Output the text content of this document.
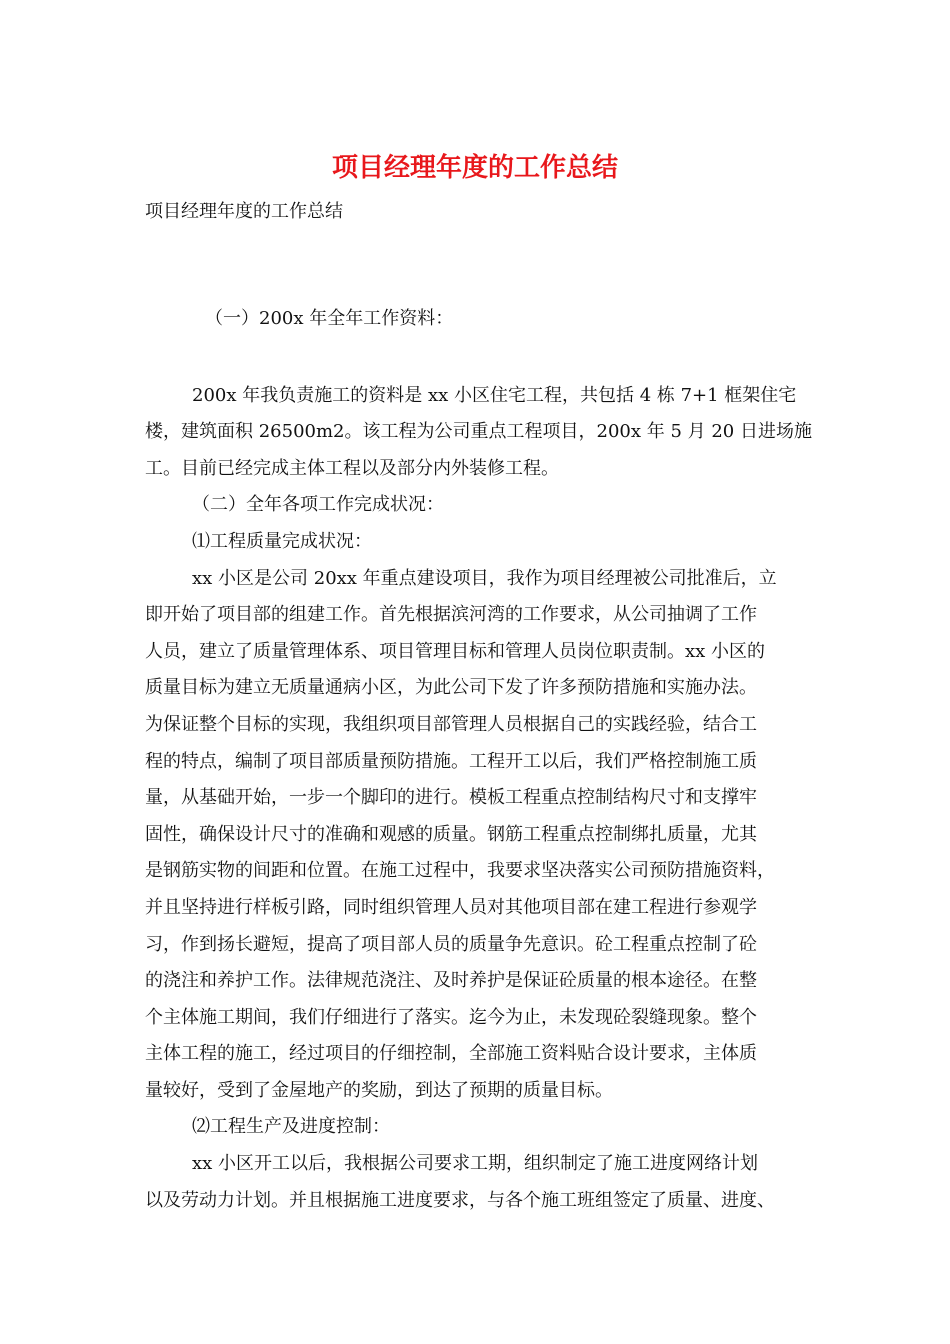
项目经理年度的工作总结
项目经理年度的工作总结
（一）200x 年全年工作资料：
200x 年我负责施工的资料是 xx 小区住宅工程，共包括 4 栋 7+1 框架住宅
楼，建筑面积 26500m2。该工程为公司重点工程项目，200x 年 5 月 20 日进场施
工。目前已经完成主体工程以及部分内外装修工程。
（二）全年各项工作完成状况：
⑴工程质量完成状况：
xx 小区是公司 20xx 年重点建设项目，我作为项目经理被公司批准后，立
即开始了项目部的组建工作。首先根据滨河湾的工作要求，从公司抽调了工作
人员，建立了质量管理体系、项目管理目标和管理人员岗位职责制。xx 小区的
质量目标为建立无质量通病小区，为此公司下发了许多预防措施和实施办法。
为保证整个目标的实现，我组织项目部管理人员根据自己的实践经验，结合工
程的特点，编制了项目部质量预防措施。工程开工以后，我们严格控制施工质
量，从基础开始，一步一个脚印的进行。模板工程重点控制结构尺寸和支撑牢
固性，确保设计尺寸的准确和观感的质量。钢筋工程重点控制绑扎质量，尤其
是钢筋实物的间距和位置。在施工过程中，我要求坚决落实公司预防措施资料，
并且坚持进行样板引路，同时组织管理人员对其他项目部在建工程进行参观学
习，作到扬长避短，提高了项目部人员的质量争先意识。砼工程重点控制了砼
的浇注和养护工作。法律规范浇注、及时养护是保证砼质量的根本途径。在整
个主体施工期间，我们仔细进行了落实。迄今为止，未发现砼裂缝现象。整个
主体工程的施工，经过项目的仔细控制，全部施工资料贴合设计要求，主体质
量较好，受到了金屋地产的奖励，到达了预期的质量目标。
⑵工程生产及进度控制：
xx 小区开工以后，我根据公司要求工期，组织制定了施工进度网络计划
以及劳动力计划。并且根据施工进度要求，与各个施工班组签定了质量、进度、
